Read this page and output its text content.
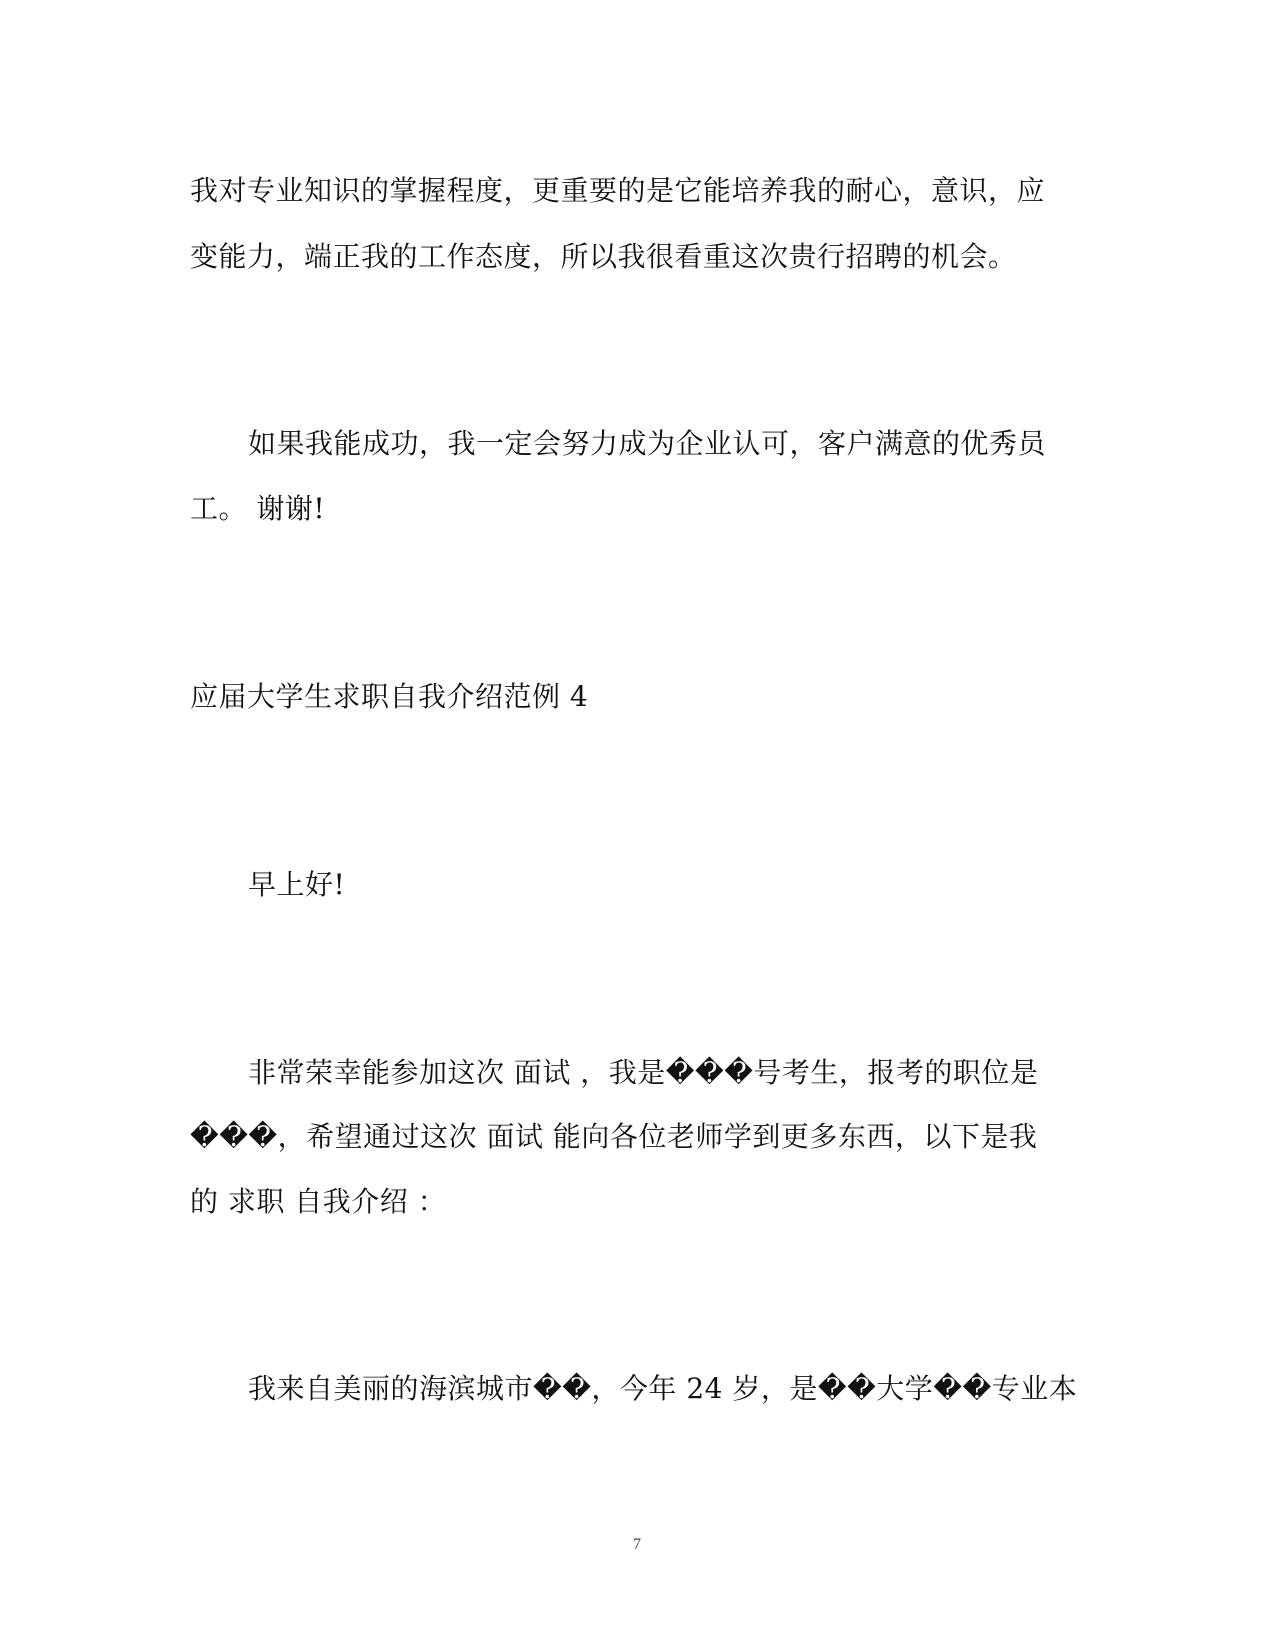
我对专业知识的掌握程度，更重要的是它能培养我的耐心，意识，应
变能力，端正我的工作态度，所以我很看重这次贵行招聘的机会。
如果我能成功，我一定会努力成为企业认可，客户满意的优秀员
工。 谢谢!
应届大学生求职自我介绍范例 4
早上好!
非常荣幸能参加这次 面试 ，我是���号考生，报考的职位是
���，希望通过这次 面试 能向各位老师学到更多东西，以下是我
的 求职 自我介绍 ：
我来自美丽的海滨城市��，今年 24 岁，是��大学��专业本
7
